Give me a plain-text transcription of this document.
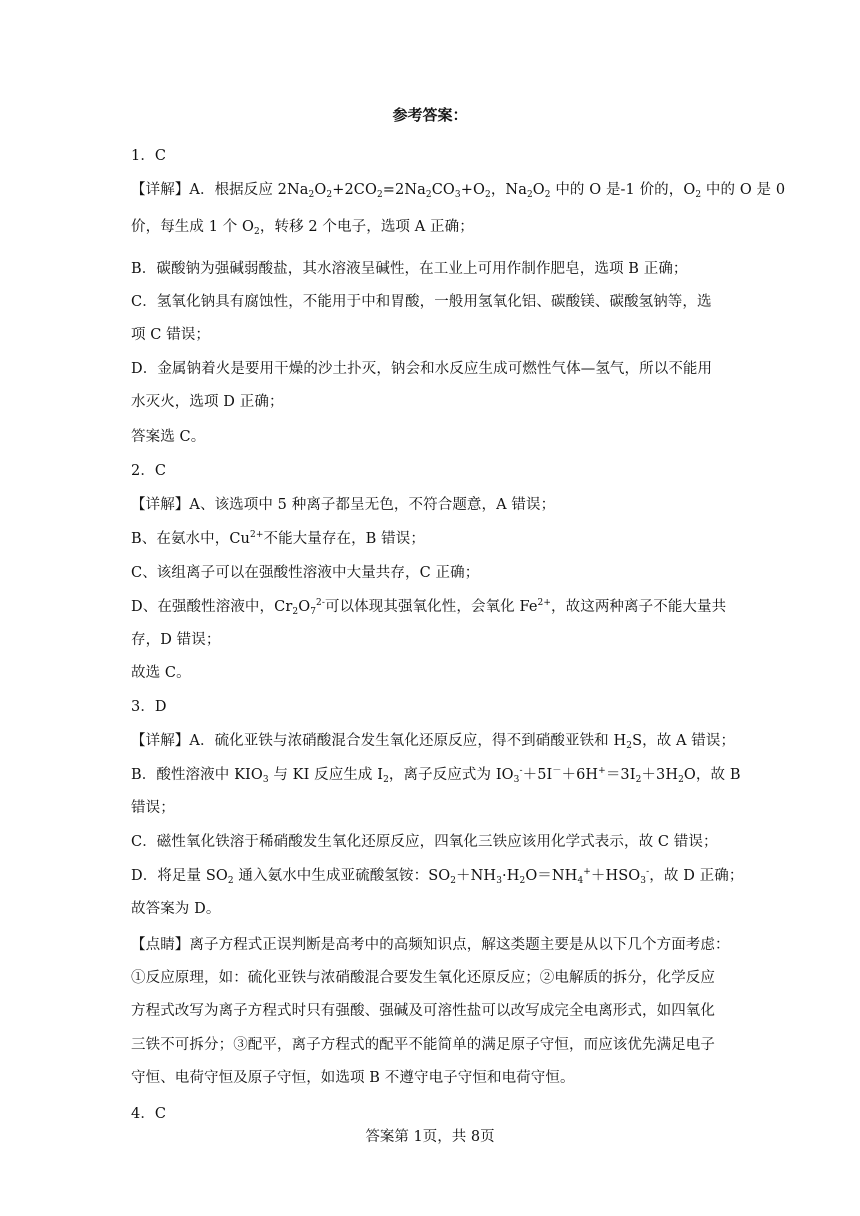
参考答案：
1．C
【详解】A．根据反应 $2Na_2O_2+2CO_2=2Na_2CO_3+O_2$，$Na_2O_2$ 中的 O 是-1 价的，$O_2$ 中的 O 是 0
价，每生成 1 个 $O_2$，转移 2 个电子，选项 A 正确；
B．碳酸钠为强碱弱酸盐，其水溶液呈碱性，在工业上可用作制作肥皂，选项 B 正确；
C．氢氧化钠具有腐蚀性，不能用于中和胃酸，一般用氢氧化铝、碳酸镁、碳酸氢钠等，选
项 C 错误；
D．金属钠着火是要用干燥的沙土扑灭，钠会和水反应生成可燃性气体—氢气，所以不能用
水灭火，选项 D 正确；
答案选 C。
2．C
【详解】A、该选项中 5 种离子都呈无色，不符合题意，A 错误；
B、在氨水中，$Cu^{2+}$不能大量存在，B 错误；
C、该组离子可以在强酸性溶液中大量共存，C 正确；
D、在强酸性溶液中，$Cr_2O_7^{2-}$可以体现其强氧化性，会氧化 $Fe^{2+}$，故这两种离子不能大量共
存，D 错误；
故选 C。
3．D
【详解】A．硫化亚铁与浓硝酸混合发生氧化还原反应，得不到硝酸亚铁和 $H_2S$，故 A 错误；
B．酸性溶液中 $KIO_3$ 与 KI 反应生成 $I_2$，离子反应式为 $IO_3^-+5I^-+6H^+=3I_2+3H_2O$，故 B
错误；
C．磁性氧化铁溶于稀硝酸发生氧化还原反应，四氧化三铁应该用化学式表示，故 C 错误；
D．将足量 $SO_2$ 通入氨水中生成亚硫酸氢铵：$SO_2+NH_3\cdot H_2O=NH_4^++HSO_3^-$，故 D 正确；
故答案为 D。
【点睛】离子方程式正误判断是高考中的高频知识点，解这类题主要是从以下几个方面考虑：
①反应原理，如：硫化亚铁与浓硝酸混合要发生氧化还原反应；②电解质的拆分，化学反应
方程式改写为离子方程式时只有强酸、强碱及可溶性盐可以改写成完全电离形式，如四氧化
三铁不可拆分；③配平，离子方程式的配平不能简单的满足原子守恒，而应该优先满足电子
守恒、电荷守恒及原子守恒，如选项 B 不遵守电子守恒和电荷守恒。
4．C
答案第 1页，共 8页
